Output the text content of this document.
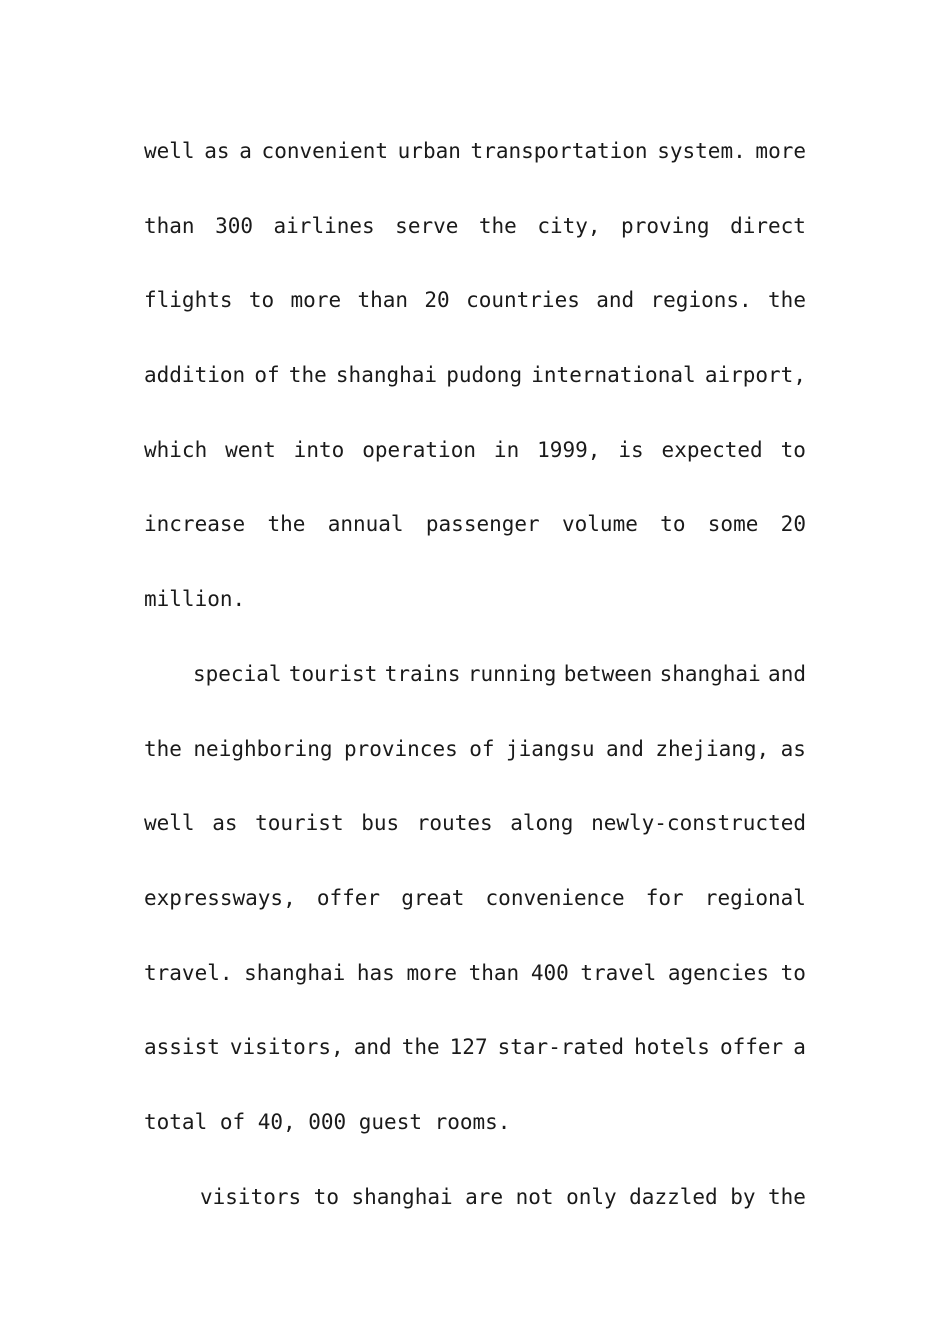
well as a convenient urban transportation system. more
than 300 airlines serve the city, proving direct
flights to more than 20 countries and regions. the
addition of the shanghai pudong international airport,
which went into operation in 1999, is expected to
increase the annual passenger volume to some 20
million.
special tourist trains running between shanghai and
the neighboring provinces of jiangsu and zhejiang, as
well as tourist bus routes along newly-constructed
expressways, offer great convenience for regional
travel. shanghai has more than 400 travel agencies to
assist visitors, and the 127 star-rated hotels offer a
total of 40, 000 guest rooms.
visitors to shanghai are not only dazzled by the
